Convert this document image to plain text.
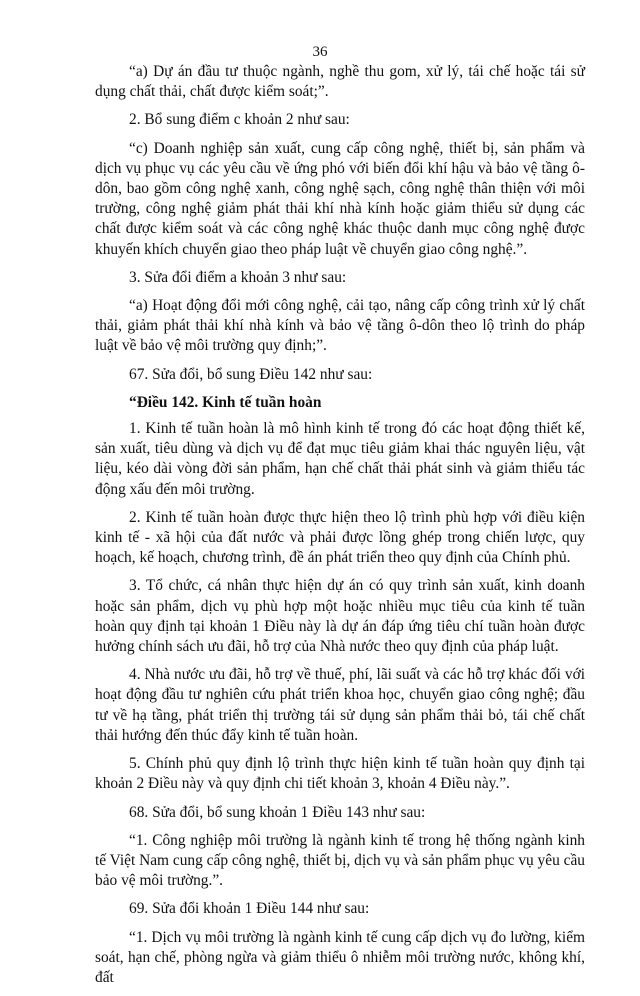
36

“a) Dự án đầu tư thuộc ngành, nghề thu gom, xử lý, tái chế hoặc tái sử dụng chất thải, chất được kiểm soát;”.

2. Bổ sung điểm c khoản 2 như sau:

“c) Doanh nghiệp sản xuất, cung cấp công nghệ, thiết bị, sản phẩm và dịch vụ phục vụ các yêu cầu về ứng phó với biến đổi khí hậu và bảo vệ tầng ô-dôn, bao gồm công nghệ xanh, công nghệ sạch, công nghệ thân thiện với môi trường, công nghệ giảm phát thải khí nhà kính hoặc giảm thiểu sử dụng các chất được kiểm soát và các công nghệ khác thuộc danh mục công nghệ được khuyến khích chuyển giao theo pháp luật về chuyển giao công nghệ.”.

3. Sửa đổi điểm a khoản 3 như sau:

“a) Hoạt động đổi mới công nghệ, cải tạo, nâng cấp công trình xử lý chất thải, giảm phát thải khí nhà kính và bảo vệ tầng ô-dôn theo lộ trình do pháp luật về bảo vệ môi trường quy định;”.

67. Sửa đổi, bổ sung Điều 142 như sau:

“Điều 142. Kinh tế tuần hoàn

1. Kinh tế tuần hoàn là mô hình kinh tế trong đó các hoạt động thiết kế, sản xuất, tiêu dùng và dịch vụ để đạt mục tiêu giảm khai thác nguyên liệu, vật liệu, kéo dài vòng đời sản phẩm, hạn chế chất thải phát sinh và giảm thiểu tác động xấu đến môi trường.

2. Kinh tế tuần hoàn được thực hiện theo lộ trình phù hợp với điều kiện kinh tế - xã hội của đất nước và phải được lồng ghép trong chiến lược, quy hoạch, kế hoạch, chương trình, đề án phát triển theo quy định của Chính phủ.

3. Tổ chức, cá nhân thực hiện dự án có quy trình sản xuất, kinh doanh hoặc sản phẩm, dịch vụ phù hợp một hoặc nhiều mục tiêu của kinh tế tuần hoàn quy định tại khoản 1 Điều này là dự án đáp ứng tiêu chí tuần hoàn được hưởng chính sách ưu đãi, hỗ trợ của Nhà nước theo quy định của pháp luật.

4. Nhà nước ưu đãi, hỗ trợ về thuế, phí, lãi suất và các hỗ trợ khác đối với hoạt động đầu tư nghiên cứu phát triển khoa học, chuyển giao công nghệ; đầu tư về hạ tầng, phát triển thị trường tái sử dụng sản phẩm thải bỏ, tái chế chất thải hướng đến thúc đẩy kinh tế tuần hoàn.

5. Chính phủ quy định lộ trình thực hiện kinh tế tuần hoàn quy định tại khoản 2 Điều này và quy định chi tiết khoản 3, khoản 4 Điều này.”.

68. Sửa đổi, bổ sung khoản 1 Điều 143 như sau:

“1. Công nghiệp môi trường là ngành kinh tế trong hệ thống ngành kinh tế Việt Nam cung cấp công nghệ, thiết bị, dịch vụ và sản phẩm phục vụ yêu cầu bảo vệ môi trường.”.

69. Sửa đổi khoản 1 Điều 144 như sau:

“1. Dịch vụ môi trường là ngành kinh tế cung cấp dịch vụ đo lường, kiểm soát, hạn chế, phòng ngừa và giảm thiểu ô nhiễm môi trường nước, không khí, đất
